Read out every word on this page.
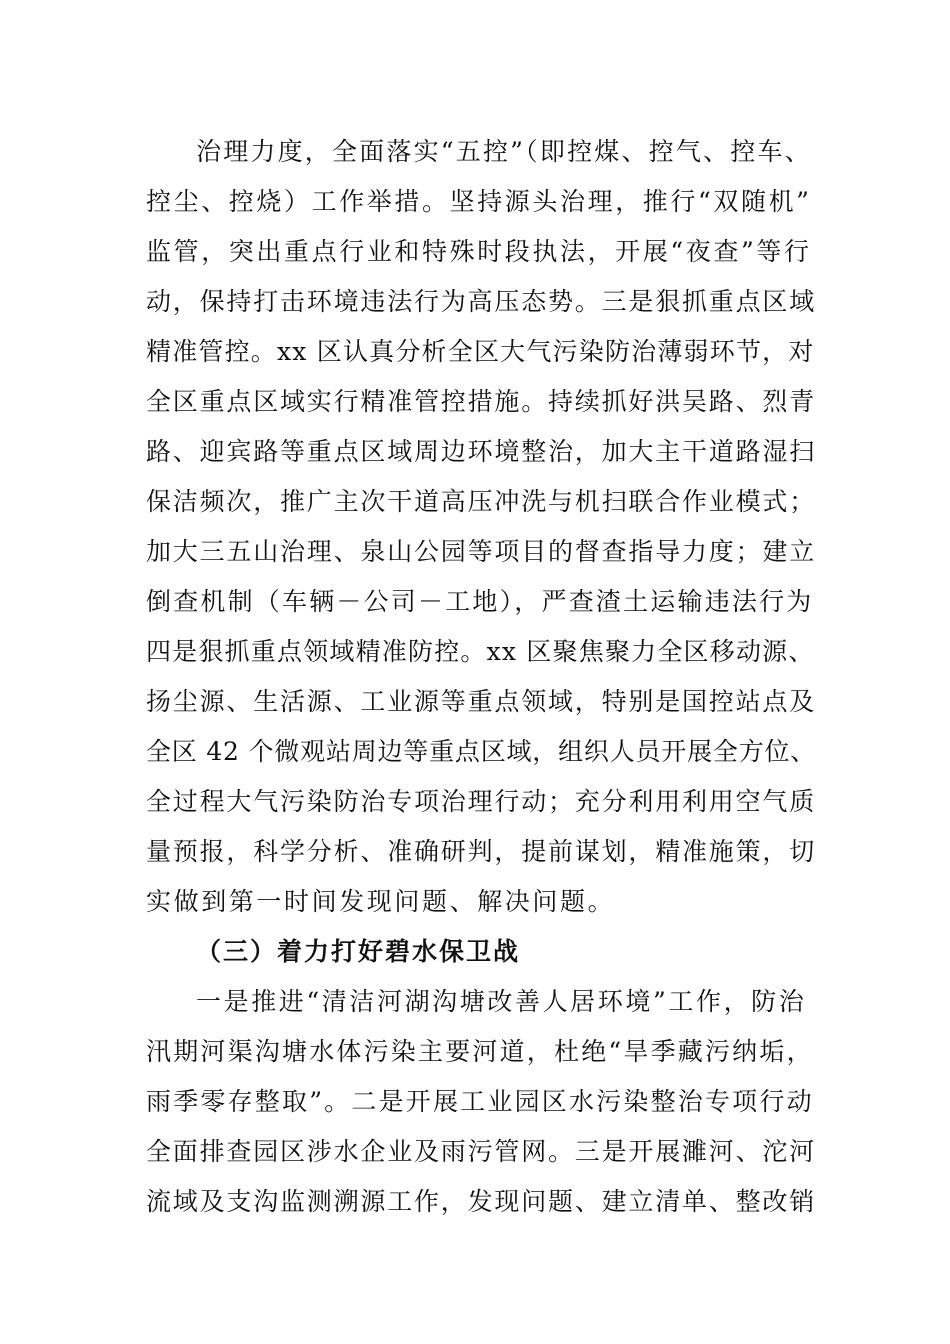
治理力度，全面落实“五控”（即控煤、控气、控车、
控尘、控烧）工作举措。坚持源头治理，推行“双随机”
监管，突出重点行业和特殊时段执法，开展“夜查”等行
动，保持打击环境违法行为高压态势。三是狠抓重点区域
精准管控。xx 区认真分析全区大气污染防治薄弱环节，对
全区重点区域实行精准管控措施。持续抓好洪吴路、烈青
路、迎宾路等重点区域周边环境整治，加大主干道路湿扫
保洁频次，推广主次干道高压冲洗与机扫联合作业模式；
加大三五山治理、泉山公园等项目的督查指导力度；建立
倒查机制（车辆－公司－工地），严查渣土运输违法行为
四是狠抓重点领域精准防控。xx 区聚焦聚力全区移动源、
扬尘源、生活源、工业源等重点领域，特别是国控站点及
全区 42 个微观站周边等重点区域，组织人员开展全方位、
全过程大气污染防治专项治理行动；充分利用利用空气质
量预报，科学分析、准确研判，提前谋划，精准施策，切
实做到第一时间发现问题、解决问题。
（三）着力打好碧水保卫战
一是推进“清洁河湖沟塘改善人居环境”工作，防治
汛期河渠沟塘水体污染主要河道，杜绝“旱季藏污纳垢，
雨季零存整取”。二是开展工业园区水污染整治专项行动
全面排查园区涉水企业及雨污管网。三是开展濉河、沱河
流域及支沟监测溯源工作，发现问题、建立清单、整改销
